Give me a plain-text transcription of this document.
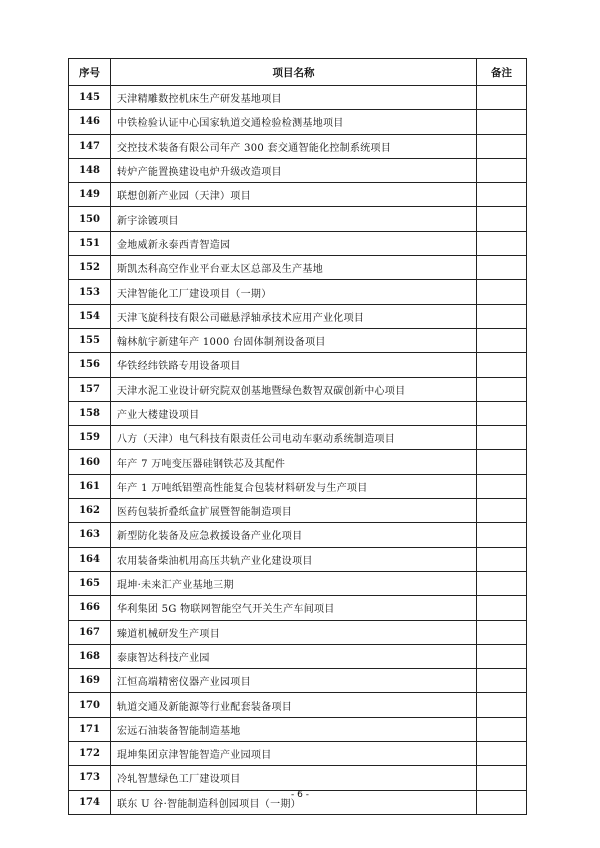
序号	项目名称	备注
145	天津精雕数控机床生产研发基地项目	
146	中铁检验认证中心国家轨道交通检验检测基地项目	
147	交控技术装备有限公司年产 300 套交通智能化控制系统项目	
148	转炉产能置换建设电炉升级改造项目	
149	联想创新产业园（天津）项目	
150	新宇涂镀项目	
151	金地威新永泰西青智造园	
152	斯凯杰科高空作业平台亚太区总部及生产基地	
153	天津智能化工厂建设项目（一期）	
154	天津飞旋科技有限公司磁悬浮轴承技术应用产业化项目	
155	翰林航宇新建年产 1000 台固体制剂设备项目	
156	华铁经纬铁路专用设备项目	
157	天津水泥工业设计研究院双创基地暨绿色数智双碳创新中心项目	
158	产业大楼建设项目	
159	八方（天津）电气科技有限责任公司电动车驱动系统制造项目	
160	年产 7 万吨变压器硅钢铁芯及其配件	
161	年产 1 万吨纸铝塑高性能复合包装材料研发与生产项目	
162	医药包装折叠纸盒扩展暨智能制造项目	
163	新型防化装备及应急救援设备产业化项目	
164	农用装备柴油机用高压共轨产业化建设项目	
165	琨坤·未来汇产业基地三期	
166	华利集团 5G 物联网智能空气开关生产车间项目	
167	臻道机械研发生产项目	
168	泰康智达科技产业园	
169	江恒高端精密仪器产业园项目	
170	轨道交通及新能源等行业配套装备项目	
171	宏远石油装备智能制造基地	
172	琨坤集团京津智能智造产业园项目	
173	冷轧智慧绿色工厂建设项目	
174	联东 U 谷·智能制造科创园项目（一期）	
- 6 -
